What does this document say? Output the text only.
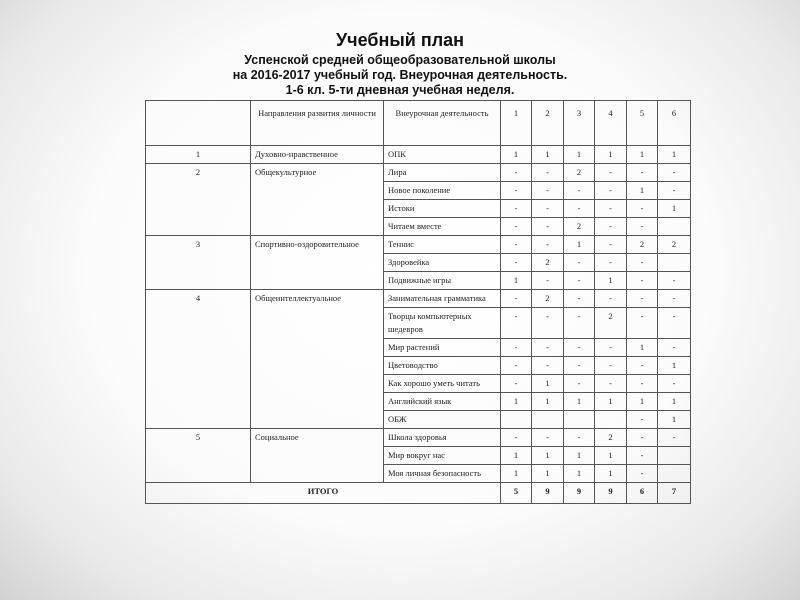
Учебный план
Успенской средней общеобразовательной школы
на 2016-2017 учебный год. Внеурочная деятельность.
1-6 кл. 5-ти дневная учебная неделя.
	Направления развития личности	Внеурочная деятельность	1	2	3	4	5	6
1	Духовно-нравственное	ОПК	1	1	1	1	1	1
2	Общекультурное	Лира	-	-	2	-	-	-
		Новое поколение	-	-	-	-	1	-
		Истоки	-	-	-	-	-	1
		Читаем вместе	-	-	2	-	-	
3	Спортивно-оздоровительное	Теннис	-	-	1	-	2	2
		Здоровейка	-	2	-	-	-	
		Подвижные игры	1	-	-	1	-	-
4	Общеинтеллектуальное	Занимательная грамматика	-	2	-	-	-	-
		Творцы компьютерных шедевров	-	-	-	2	-	-
		Мир растений	-	-	-	-	1	-
		Цветоводство	-	-	-	-	-	1
		Как хорошо уметь читать	-	1	-	-	-	-
		Английский язык	1	1	1	1	1	1
		ОБЖ					-	1
5	Социальное	Школа здоровья	-	-	-	2	-	-
		Мир вокруг нас	1	1	1	1	-	
		Моя личная безопасность	1	1	1	1	-	
ИТОГО			5	9	9	9	6	7
